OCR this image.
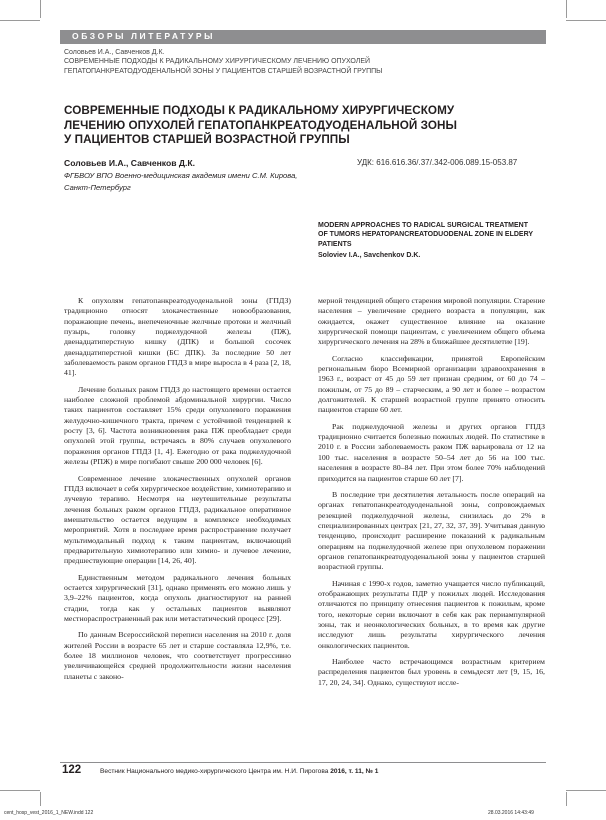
ОБЗОРЫ ЛИТЕРАТУРЫ
Соловьев И.А., Савченков Д.К.
СОВРЕМЕННЫЕ ПОДХОДЫ К РАДИКАЛЬНОМУ ХИРУРГИЧЕСКОМУ ЛЕЧЕНИЮ ОПУХОЛЕЙ
ГЕПАТОПАНКРЕАТОДУОДЕНАЛЬНОЙ ЗОНЫ У ПАЦИЕНТОВ СТАРШЕЙ ВОЗРАСТНОЙ ГРУППЫ
СОВРЕМЕННЫЕ ПОДХОДЫ К РАДИКАЛЬНОМУ ХИРУРГИЧЕСКОМУ
ЛЕЧЕНИЮ ОПУХОЛЕЙ ГЕПАТОПАНКРЕАТОДУОДЕНАЛЬНОЙ ЗОНЫ
У ПАЦИЕНТОВ СТАРШЕЙ ВОЗРАСТНОЙ ГРУППЫ
Соловьев И.А., Савченков Д.К.	УДК: 616.616.36/.37/.342-006.089.15-053.87
ФГБВОУ ВПО Военно-медицинская академия имени С.М. Кирова,
Санкт-Петербург
MODERN APPROACHES TO RADICAL SURGICAL TREATMENT
OF TUMORS HEPATOPANCREATODUODENAL ZONE IN ELDERY
PATIENTS
Soloviev I.A., Savchenkov D.K.

К опухолям гепатопанкреатодуоденальной зоны (ГПДЗ) традиционно относят злокачественные новообразования, поражающие печень, внепеченочные желчные протоки и желчный пузырь, головку поджелудочной железы (ПЖ), двенадцатиперстную кишку (ДПК) и большой сосочек двенадцатиперстной кишки (БС ДПК). За последние 50 лет заболеваемость раком органов ГПДЗ в мире выросла в 4 раза [2, 18, 41].

Лечение больных раком ГПДЗ до настоящего времени остается наиболее сложной проблемой абдоминальной хирургии. Число таких пациентов составляет 15% среди опухолевого поражения желудочно-кишечного тракта, причем с устойчивой тенденцией к росту [3, 6]. Частота возникновения рака ПЖ преобладает среди опухолей этой группы, встречаясь в 80% случаев опухолевого поражения органов ГПДЗ [1, 4]. Ежегодно от рака поджелудочной железы (РПЖ) в мире погибают свыше 200 000 человек [6].

Современное лечение злокачественных опухолей органов ГПДЗ включает в себя хирургическое воздействие, химиотерапию и лучевую терапию. Несмотря на неутешительные результаты лечения больных раком органов ГПДЗ, радикальное оперативное вмешательство остается ведущим в комплексе необходимых мероприятий. Хотя в последнее время распространение получает мультимодальный подход к таким пациентам, включающий предварительную химиотерапию или химио- и лучевое лечение, предшествующие операции [14, 26, 40].

Единственным методом радикального лечения больных остается хирургический [31], однако применять его можно лишь у 3,9–22% пациентов, когда опухоль диагностируют на ранней стадии, тогда как у остальных пациентов выявляют местнораспространенный рак или метастатический процесс [29].

По данным Всероссийской переписи населения на 2010 г. доля жителей России в возрасте 65 лет и старше составляла 12,9%, т.е. более 18 миллионов человек, что соответствует прогрессивно увеличивающейся средней продолжительности жизни населения планеты с законо-

мерной тенденцией общего старения мировой популяции. Старение населения – увеличение среднего возраста в популяции, как ожидается, окажет существенное влияние на оказание хирургической помощи пациентам, с увеличением общего объема хирургического лечения на 28% в ближайшее десятилетие [19].

Согласно классификации, принятой Европейским региональным бюро Всемирной организации здравоохранения в 1963 г., возраст от 45 до 59 лет признан средним, от 60 до 74 – пожилым, от 75 до 89 – старческим, а 90 лет и более – возрастом долгожителей. К старшей возрастной группе принято относить пациентов старше 60 лет.

Рак поджелудочной железы и других органов ГПДЗ традиционно считается болезнью пожилых людей. По статистике в 2010 г. в России заболеваемость раком ПЖ варьировала от 12 на 100 тыс. населения в возрасте 50–54 лет до 56 на 100 тыс. населения в возрасте 80–84 лет. При этом более 70% наблюдений приходится на пациентов старше 60 лет [7].

В последние три десятилетия летальность после операций на органах гепатопанкреатодуоденальной зоны, сопровождаемых резекцией поджелудочной железы, снизилась до 2% в специализированных центрах [21, 27, 32, 37, 39]. Учитывая данную тенденцию, происходит расширение показаний к радикальным операциям на поджелудочной железе при опухолевом поражении органов гепатопанкреатодуоденальной зоны у пациентов старшей возрастной группы.

Начиная с 1990-х годов, заметно учащается число публикаций, отображающих результаты ПДР у пожилых людей. Исследования отличаются по принципу отнесения пациентов к пожилым, кроме того, некоторые серии включают в себя как рак периампулярной зоны, так и неонкологических больных, в то время как другие исследуют лишь результаты хирургического лечения онкологических пациентов.

Наиболее часто встречающимся возрастным критерием распределения пациентов был уровень в семьдесят лет [9, 15, 16, 17, 20, 24, 34]. Однако, существуют иссле-

122	Вестник Национального медико-хирургического Центра им. Н.И. Пирогова 2016, т. 11, № 1
cent_hosp_vest_2016_1_NEW.indd 122	28.03.2016 14:43:49
